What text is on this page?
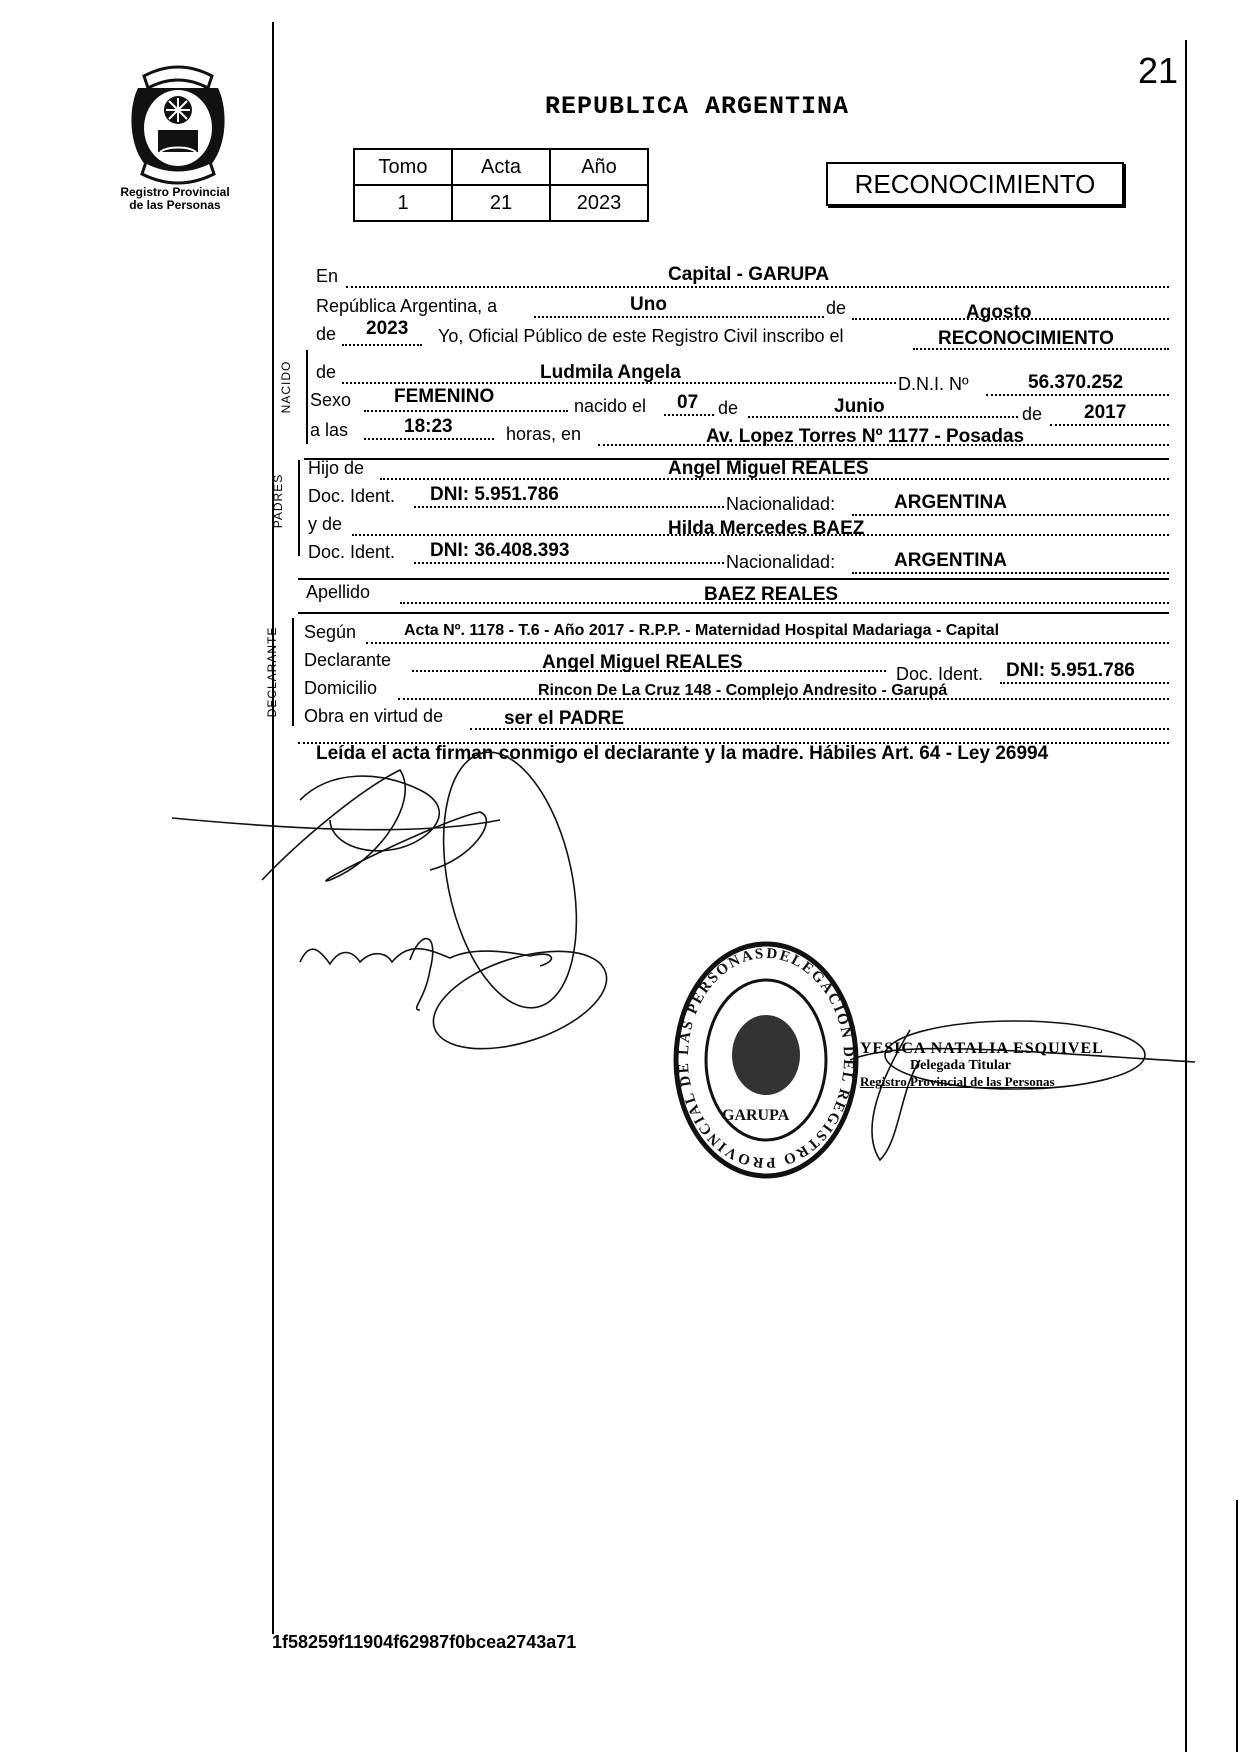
21
REPUBLICA ARGENTINA
Registro Provincial
de las Personas
Tomo	Acta	Año
1	21	2023
RECONOCIMIENTO
En	Capital - GARUPA
República Argentina, a	Uno	de	Agosto
de 2023 Yo, Oficial Público de este Registro Civil inscribo el	RECONOCIMIENTO
NACIDO de	Ludmila Angela
D.N.I. Nº	56.370.252
Sexo FEMENINO	nacido el 07 de	Junio	de 2017
a las	18:23	horas, en	Av. Lopez Torres Nº 1177 - Posadas
PADRES
Hijo de	Angel Miguel REALES
Doc. Ident. DNI: 5.951.786	Nacionalidad:	ARGENTINA
y de	Hilda Mercedes BAEZ
Doc. Ident. DNI: 36.408.393
Nacionalidad:	ARGENTINA
Apellido	BAEZ REALES
DECLARANTE Según	Acta Nº. 1178 - T.6 - Año 2017 - R.P.P. - Maternidad Hospital Madariaga - Capital
Declarante	Angel Miguel REALES
Doc. Ident. DNI: 5.951.786
Domicilio	Rincon De La Cruz 148 - Complejo Andresito - Garupá
Obra en virtud de	ser el PADRE
Leída el acta firman conmigo el declarante y la madre. Hábiles Art. 64 - Ley 26994
DELEGACION DEL REGISTRO PROVINCIAL DE LAS PERSONAS
GARUPA
YESICA NATALIA ESQUIVEL
Delegada Titular
Registro Provincial de las Personas
1f58259f11904f62987f0bcea2743a71
